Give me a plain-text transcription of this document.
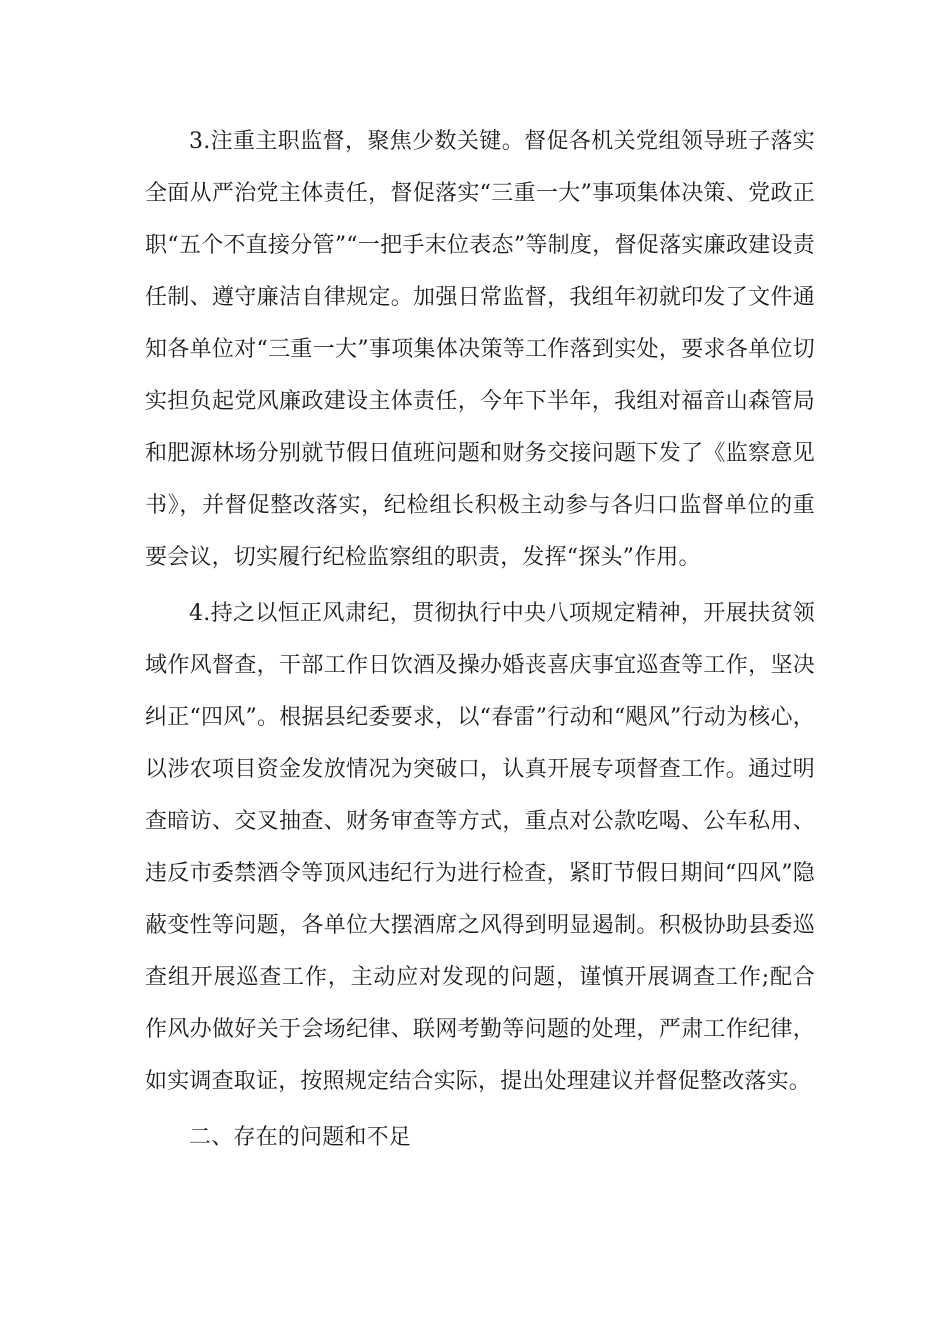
3.注重主职监督，聚焦少数关键。督促各机关党组领导班子落实全面从严治党主体责任，督促落实“三重一大”事项集体决策、党政正职“五个不直接分管”“一把手末位表态”等制度，督促落实廉政建设责任制、遵守廉洁自律规定。加强日常监督，我组年初就印发了文件通知各单位对“三重一大”事项集体决策等工作落到实处，要求各单位切实担负起党风廉政建设主体责任，今年下半年，我组对福音山森管局和肥源林场分别就节假日值班问题和财务交接问题下发了《监察意见书》，并督促整改落实，纪检组长积极主动参与各归口监督单位的重要会议，切实履行纪检监察组的职责，发挥“探头”作用。

4.持之以恒正风肃纪，贯彻执行中央八项规定精神，开展扶贫领域作风督查，干部工作日饮酒及操办婚丧喜庆事宜巡查等工作，坚决纠正“四风”。根据县纪委要求，以“春雷”行动和“飓风”行动为核心，以涉农项目资金发放情况为突破口，认真开展专项督查工作。通过明查暗访、交叉抽查、财务审查等方式，重点对公款吃喝、公车私用、违反市委禁酒令等顶风违纪行为进行检查，紧盯节假日期间“四风”隐蔽变性等问题，各单位大摆酒席之风得到明显遏制。积极协助县委巡查组开展巡查工作，主动应对发现的问题，谨慎开展调查工作;配合作风办做好关于会场纪律、联网考勤等问题的处理，严肃工作纪律，如实调查取证，按照规定结合实际，提出处理建议并督促整改落实。

二、存在的问题和不足
